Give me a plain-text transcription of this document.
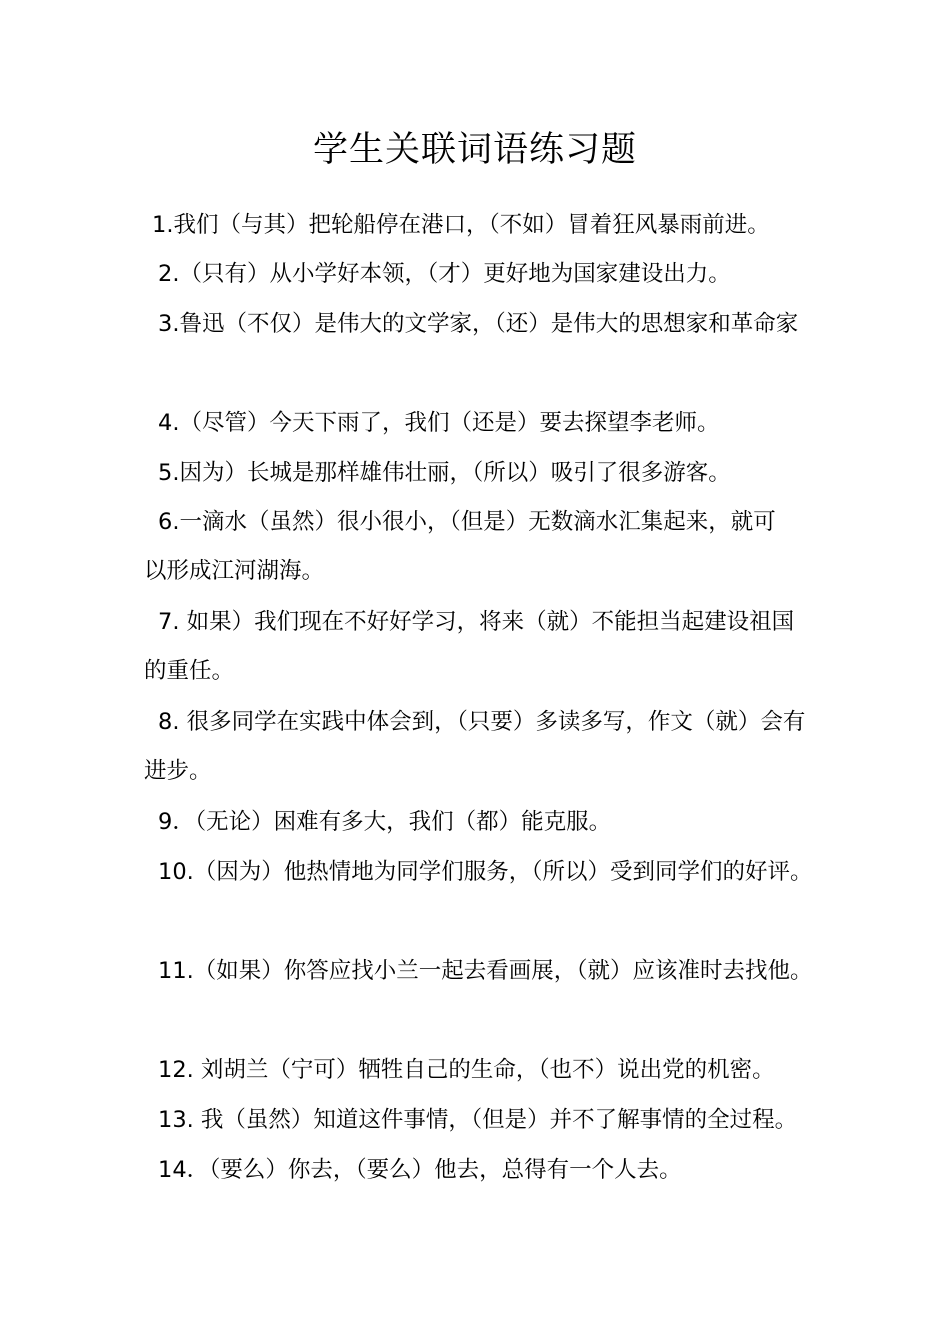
学生关联词语练习题
1.我们（与其）把轮船停在港口，（不如）冒着狂风暴雨前进。
2.（只有）从小学好本领，（才）更好地为国家建设出力。
3.鲁迅（不仅）是伟大的文学家，（还）是伟大的思想家和革命家
4.（尽管）今天下雨了，我们（还是）要去探望李老师。
5.因为）长城是那样雄伟壮丽，（所以）吸引了很多游客。
6.一滴水（虽然）很小很小，（但是）无数滴水汇集起来，就可
以形成江河湖海。
7. 如果）我们现在不好好学习，将来（就）不能担当起建设祖国
的重任。
8. 很多同学在实践中体会到，（只要）多读多写，作文（就）会有
进步。
9．（无论）困难有多大，我们（都）能克服。
10.（因为）他热情地为同学们服务，（所以）受到同学们的好评。
11.（如果）你答应找小兰一起去看画展，（就）应该准时去找他。
12. 刘胡兰（宁可）牺牲自己的生命，（也不）说出党的机密。
13. 我（虽然）知道这件事情，（但是）并不了解事情的全过程。
14．（要么）你去，（要么）他去，总得有一个人去。
